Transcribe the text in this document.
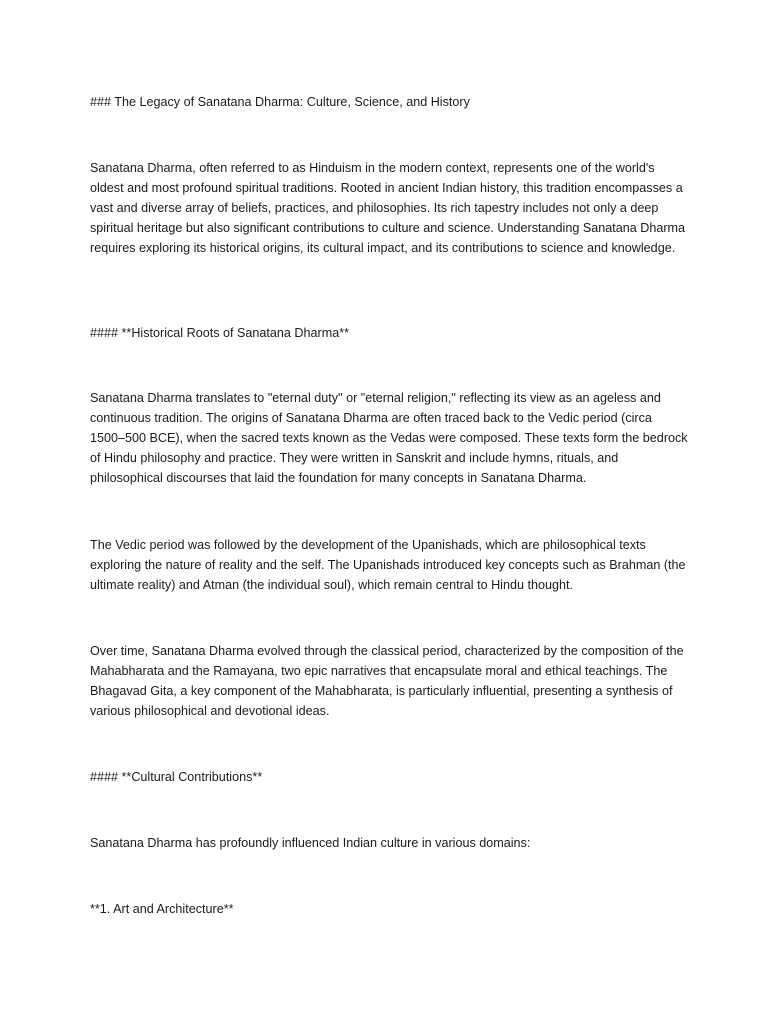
### The Legacy of Sanatana Dharma: Culture, Science, and History

Sanatana Dharma, often referred to as Hinduism in the modern context, represents one of the world's oldest and most profound spiritual traditions. Rooted in ancient Indian history, this tradition encompasses a vast and diverse array of beliefs, practices, and philosophies. Its rich tapestry includes not only a deep spiritual heritage but also significant contributions to culture and science. Understanding Sanatana Dharma requires exploring its historical origins, its cultural impact, and its contributions to science and knowledge.

#### **Historical Roots of Sanatana Dharma**

Sanatana Dharma translates to "eternal duty" or "eternal religion," reflecting its view as an ageless and continuous tradition. The origins of Sanatana Dharma are often traced back to the Vedic period (circa 1500–500 BCE), when the sacred texts known as the Vedas were composed. These texts form the bedrock of Hindu philosophy and practice. They were written in Sanskrit and include hymns, rituals, and philosophical discourses that laid the foundation for many concepts in Sanatana Dharma.

The Vedic period was followed by the development of the Upanishads, which are philosophical texts exploring the nature of reality and the self. The Upanishads introduced key concepts such as Brahman (the ultimate reality) and Atman (the individual soul), which remain central to Hindu thought.

Over time, Sanatana Dharma evolved through the classical period, characterized by the composition of the Mahabharata and the Ramayana, two epic narratives that encapsulate moral and ethical teachings. The Bhagavad Gita, a key component of the Mahabharata, is particularly influential, presenting a synthesis of various philosophical and devotional ideas.

#### **Cultural Contributions**

Sanatana Dharma has profoundly influenced Indian culture in various domains:

**1. Art and Architecture**
